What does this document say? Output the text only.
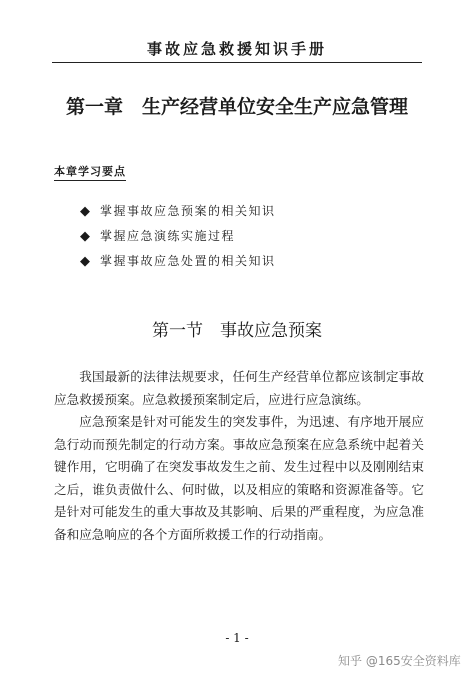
事故应急救援知识手册
第一章　生产经营单位安全生产应急管理
本章学习要点
◆ 掌握事故应急预案的相关知识
◆ 掌握应急演练实施过程
◆ 掌握事故应急处置的相关知识
第一节　事故应急预案

我国最新的法律法规要求，任何生产经营单位都应该制定事故应急救援预案。应急救援预案制定后，应进行应急演练。

应急预案是针对可能发生的突发事件，为迅速、有序地开展应急行动而预先制定的行动方案。事故应急预案在应急系统中起着关键作用，它明确了在突发事故发生之前、发生过程中以及刚刚结束之后，谁负责做什么、何时做，以及相应的策略和资源准备等。它是针对可能发生的重大事故及其影响、后果的严重程度，为应急准备和应急响应的各个方面所救援工作的行动指南。

- 1 -
知乎 @165安全资料库
